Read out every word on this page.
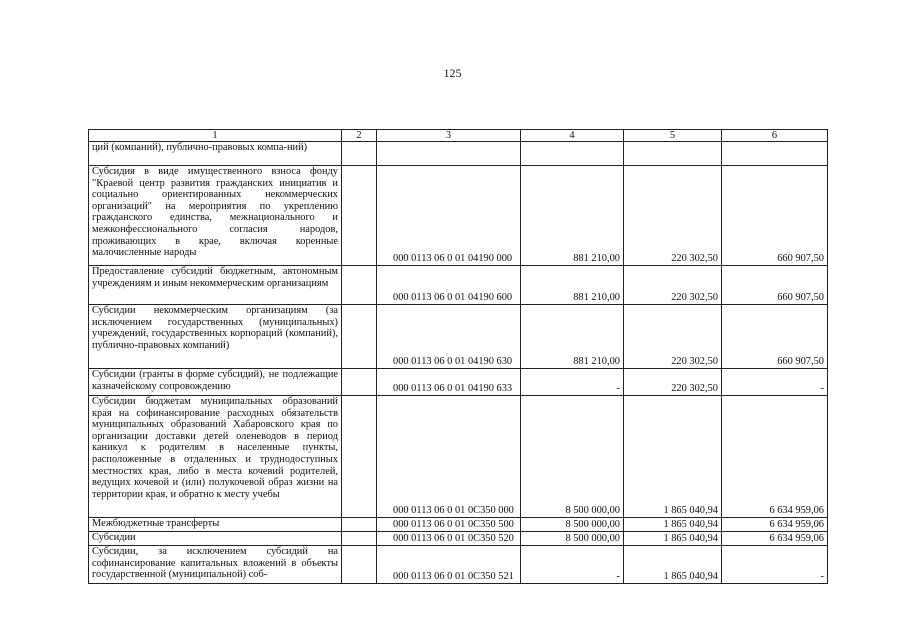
125
1	2	3	4	5	6
ций (компаний), публично-правовых компа-ний)					
Субсидия в виде имущественного взноса фонду "Краевой центр развития гражданских инициатив и социально ориентированных некоммерческих организаций" на мероприятия по укреплению гражданского единства, межнационального и межконфессионального согласия народов, проживающих в крае, включая коренные малочисленные народы		000 0113 06 0 01 04190 000	881 210,00	220 302,50	660 907,50
Предоставление субсидий бюджетным, автономным учреждениям и иным некоммерческим организациям		000 0113 06 0 01 04190 600	881 210,00	220 302,50	660 907,50
Субсидии некоммерческим организациям (за исключением государственных (муниципальных) учреждений, государственных корпораций (компаний), публично-правовых компаний)		000 0113 06 0 01 04190 630	881 210,00	220 302,50	660 907,50
Субсидии (гранты в форме субсидий), не подлежащие казначейскому сопровождению		000 0113 06 0 01 04190 633	-	220 302,50	-
Субсидии бюджетам муниципальных образований края на софинансирование расходных обязательств муниципальных образований Хабаровского края по организации доставки детей оленеводов в период каникул к родителям в населенные пункты, расположенные в отдаленных и труднодоступных местностях края, либо в места кочевий родителей, ведущих кочевой и (или) полукочевой образ жизни на территории края, и обратно к месту учебы		000 0113 06 0 01 0С350 000	8 500 000,00	1 865 040,94	6 634 959,06
Межбюджетные трансферты		000 0113 06 0 01 0С350 500	8 500 000,00	1 865 040,94	6 634 959,06
Субсидии		000 0113 06 0 01 0С350 520	8 500 000,00	1 865 040,94	6 634 959,06
Субсидии, за исключением субсидий на софинансирование капитальных вложений в объекты государственной (муниципальной) соб-		000 0113 06 0 01 0С350 521	-	1 865 040,94	-
